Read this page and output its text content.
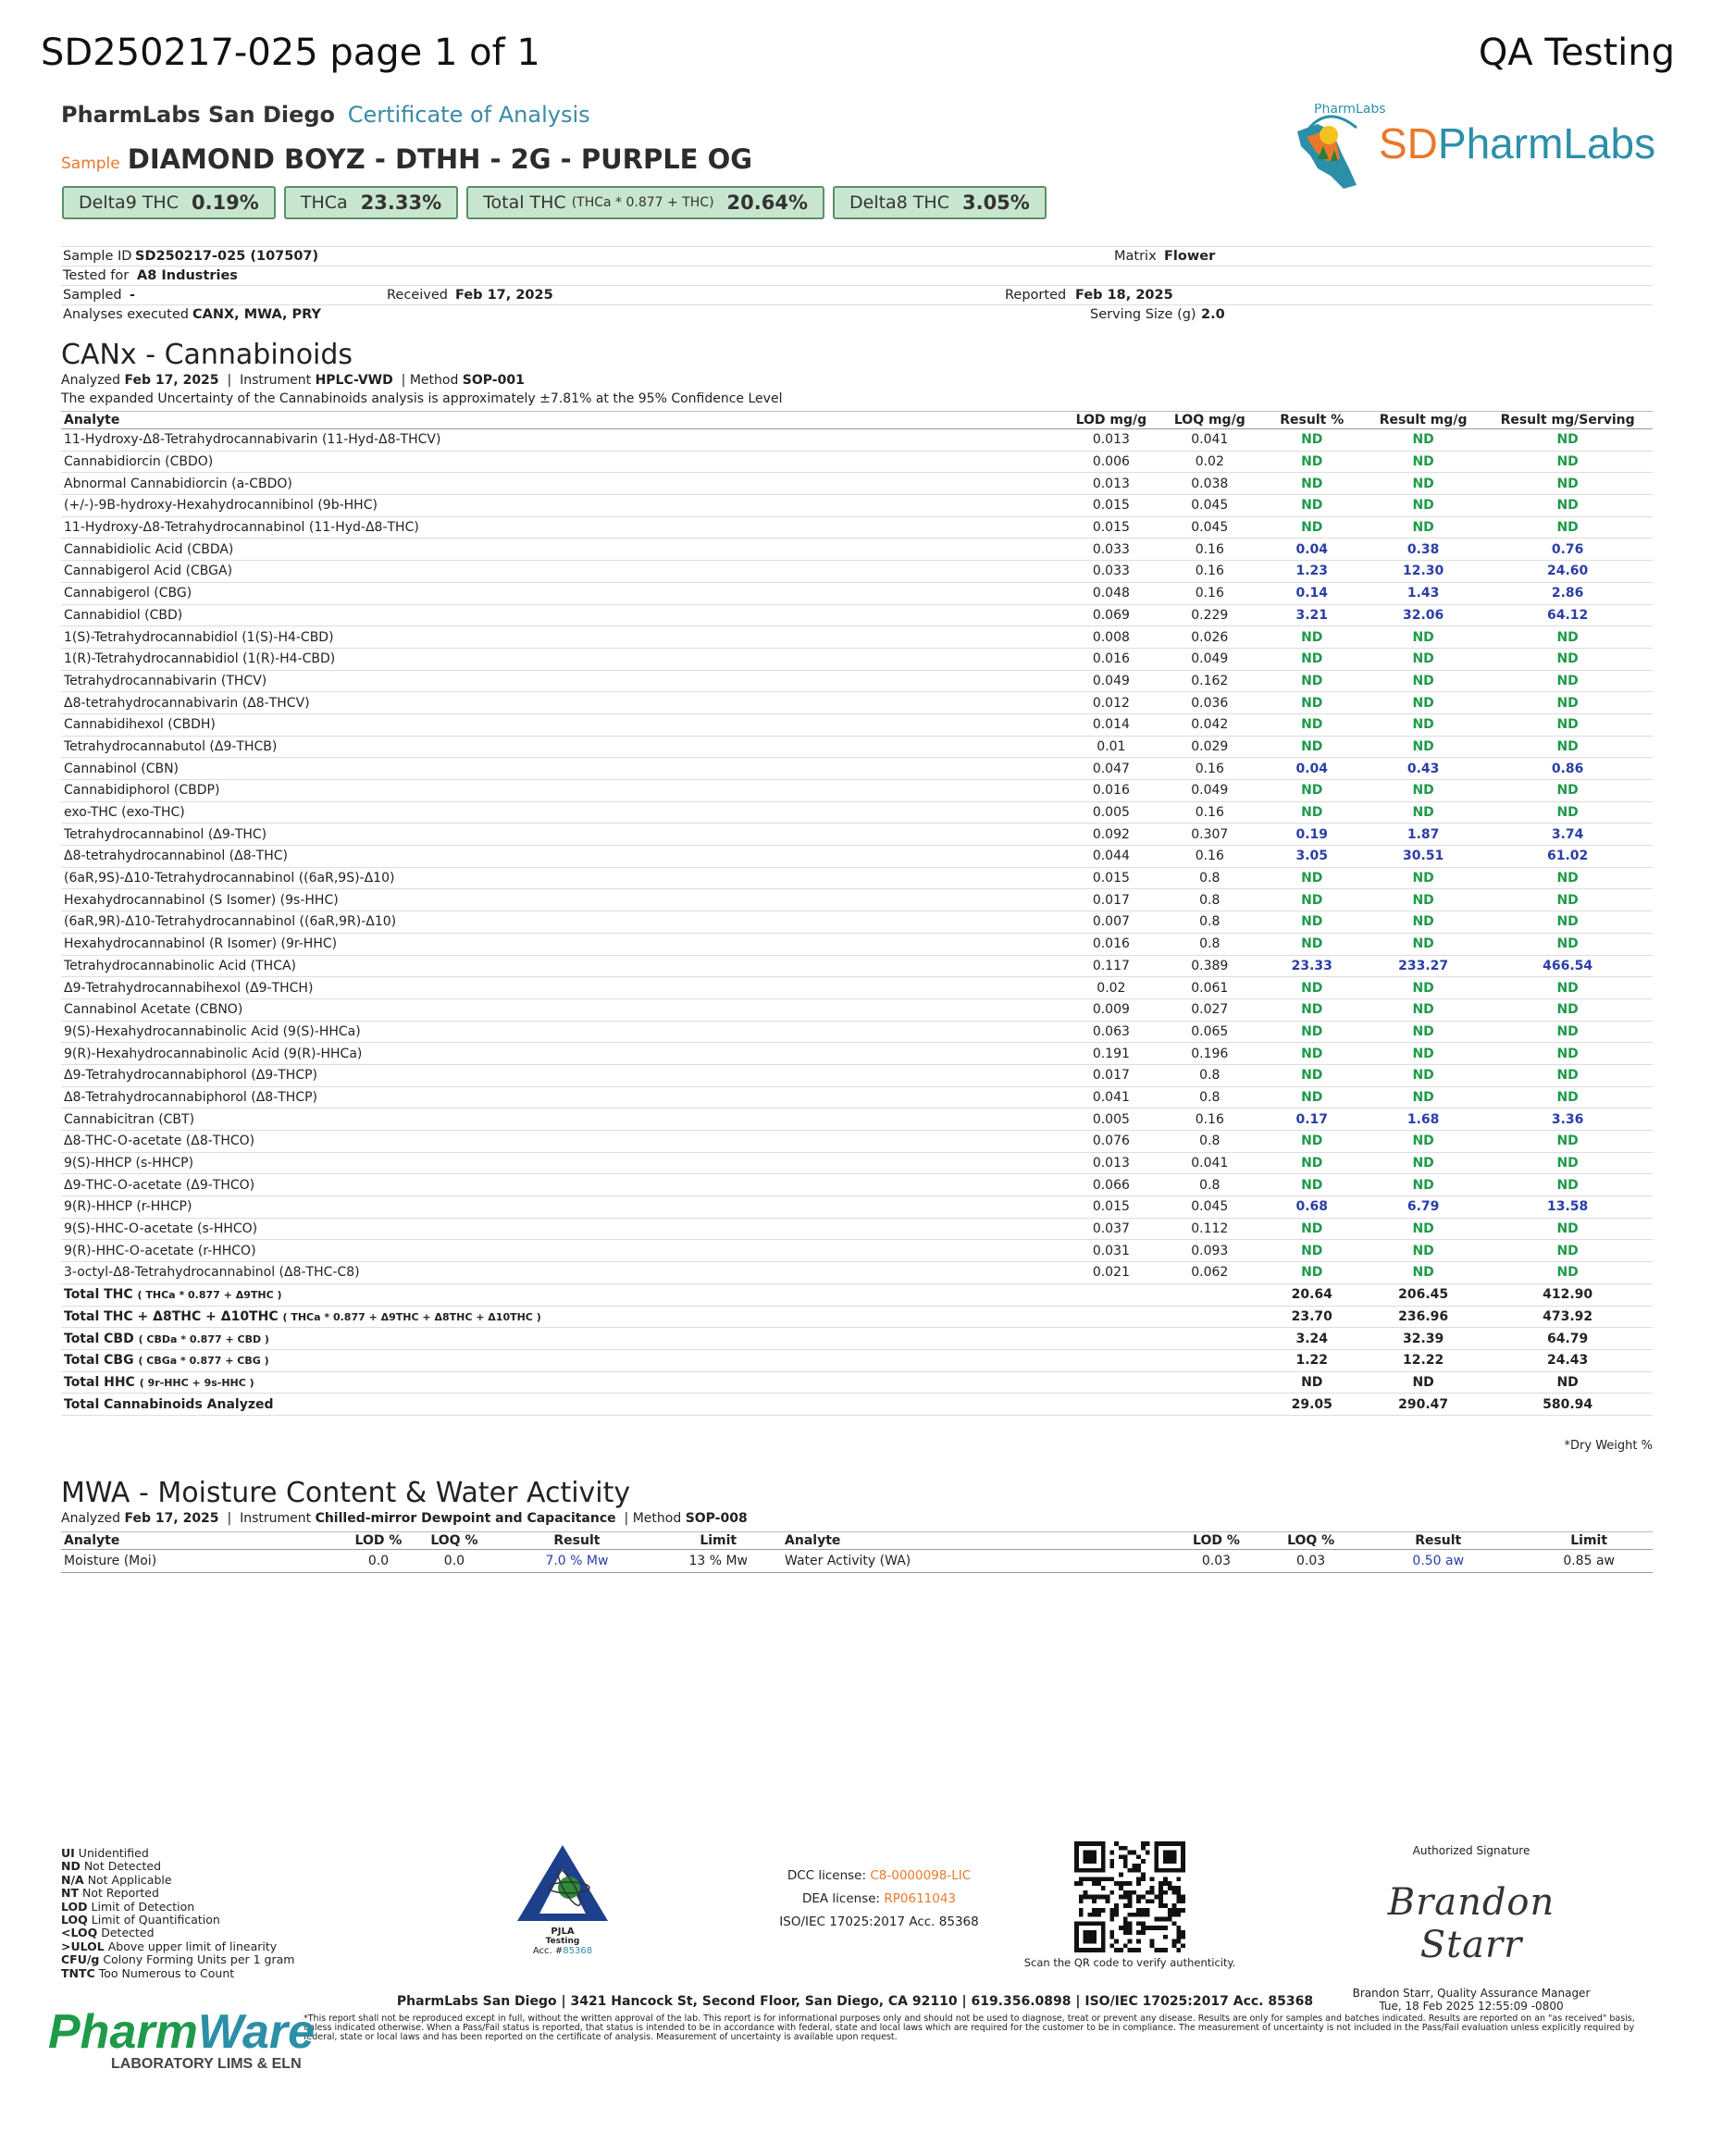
SD250217-025 page 1 of 1	QA Testing
PharmLabs San Diego Certificate of Analysis
Sample DIAMOND BOYZ - DTHH - 2G - PURPLE OG
Delta9 THC 0.19% THCa 23.33% Total THC (THCa * 0.877 + THC) 20.64% Delta8 THC 3.05%
PharmLabs
SDPharmLabs
Sample ID SD250217-025 (107507)	Matrix Flower
Tested for A8 Industries
Sampled -	Received Feb 17, 2025	Reported Feb 18, 2025
Analyses executed CANX, MWA, PRY	Serving Size (g) 2.0
CANx - Cannabinoids
Analyzed Feb 17, 2025  |  Instrument HPLC-VWD  | Method SOP-001
The expanded Uncertainty of the Cannabinoids analysis is approximately ±7.81% at the 95% Confidence Level
Analyte	LOD mg/g	LOQ mg/g	Result %	Result mg/g	Result mg/Serving
11-Hydroxy-Δ8-Tetrahydrocannabivarin (11-Hyd-Δ8-THCV)	0.013	0.041	ND	ND	ND
Cannabidiorcin (CBDO)	0.006	0.02	ND	ND	ND
Abnormal Cannabidiorcin (a-CBDO)	0.013	0.038	ND	ND	ND
(+/-)-9B-hydroxy-Hexahydrocannibinol (9b-HHC)	0.015	0.045	ND	ND	ND
11-Hydroxy-Δ8-Tetrahydrocannabinol (11-Hyd-Δ8-THC)	0.015	0.045	ND	ND	ND
Cannabidiolic Acid (CBDA)	0.033	0.16	0.04	0.38	0.76
Cannabigerol Acid (CBGA)	0.033	0.16	1.23	12.30	24.60
Cannabigerol (CBG)	0.048	0.16	0.14	1.43	2.86
Cannabidiol (CBD)	0.069	0.229	3.21	32.06	64.12
1(S)-Tetrahydrocannabidiol (1(S)-H4-CBD)	0.008	0.026	ND	ND	ND
1(R)-Tetrahydrocannabidiol (1(R)-H4-CBD)	0.016	0.049	ND	ND	ND
Tetrahydrocannabivarin (THCV)	0.049	0.162	ND	ND	ND
Δ8-tetrahydrocannabivarin (Δ8-THCV)	0.012	0.036	ND	ND	ND
Cannabidihexol (CBDH)	0.014	0.042	ND	ND	ND
Tetrahydrocannabutol (Δ9-THCB)	0.01	0.029	ND	ND	ND
Cannabinol (CBN)	0.047	0.16	0.04	0.43	0.86
Cannabidiphorol (CBDP)	0.016	0.049	ND	ND	ND
exo-THC (exo-THC)	0.005	0.16	ND	ND	ND
Tetrahydrocannabinol (Δ9-THC)	0.092	0.307	0.19	1.87	3.74
Δ8-tetrahydrocannabinol (Δ8-THC)	0.044	0.16	3.05	30.51	61.02
(6aR,9S)-Δ10-Tetrahydrocannabinol ((6aR,9S)-Δ10)	0.015	0.8	ND	ND	ND
Hexahydrocannabinol (S Isomer) (9s-HHC)	0.017	0.8	ND	ND	ND
(6aR,9R)-Δ10-Tetrahydrocannabinol ((6aR,9R)-Δ10)	0.007	0.8	ND	ND	ND
Hexahydrocannabinol (R Isomer) (9r-HHC)	0.016	0.8	ND	ND	ND
Tetrahydrocannabinolic Acid (THCA)	0.117	0.389	23.33	233.27	466.54
Δ9-Tetrahydrocannabihexol (Δ9-THCH)	0.02	0.061	ND	ND	ND
Cannabinol Acetate (CBNO)	0.009	0.027	ND	ND	ND
9(S)-Hexahydrocannabinolic Acid (9(S)-HHCa)	0.063	0.065	ND	ND	ND
9(R)-Hexahydrocannabinolic Acid (9(R)-HHCa)	0.191	0.196	ND	ND	ND
Δ9-Tetrahydrocannabiphorol (Δ9-THCP)	0.017	0.8	ND	ND	ND
Δ8-Tetrahydrocannabiphorol (Δ8-THCP)	0.041	0.8	ND	ND	ND
Cannabicitran (CBT)	0.005	0.16	0.17	1.68	3.36
Δ8-THC-O-acetate (Δ8-THCO)	0.076	0.8	ND	ND	ND
9(S)-HHCP (s-HHCP)	0.013	0.041	ND	ND	ND
Δ9-THC-O-acetate (Δ9-THCO)	0.066	0.8	ND	ND	ND
9(R)-HHCP (r-HHCP)	0.015	0.045	0.68	6.79	13.58
9(S)-HHC-O-acetate (s-HHCO)	0.037	0.112	ND	ND	ND
9(R)-HHC-O-acetate (r-HHCO)	0.031	0.093	ND	ND	ND
3-octyl-Δ8-Tetrahydrocannabinol (Δ8-THC-C8)	0.021	0.062	ND	ND	ND
Total THC ( THCa * 0.877 + Δ9THC )			20.64	206.45	412.90
Total THC + Δ8THC + Δ10THC ( THCa * 0.877 + Δ9THC + Δ8THC + Δ10THC )			23.70	236.96	473.92
Total CBD ( CBDa * 0.877 + CBD )			3.24	32.39	64.79
Total CBG ( CBGa * 0.877 + CBG )			1.22	12.22	24.43
Total HHC ( 9r-HHC + 9s-HHC )			ND	ND	ND
Total Cannabinoids Analyzed			29.05	290.47	580.94
*Dry Weight %
MWA - Moisture Content & Water Activity
Analyzed Feb 17, 2025  |  Instrument Chilled-mirror Dewpoint and Capacitance  | Method SOP-008
Analyte	LOD %	LOQ %	Result	Limit	Analyte	LOD %	LOQ %	Result	Limit
Moisture (Moi)	0.0	0.0	7.0 % Mw	13 % Mw	Water Activity (WA)	0.03	0.03	0.50 aw	0.85 aw
UI Unidentified
ND Not Detected
N/A Not Applicable
NT Not Reported
LOD Limit of Detection
LOQ Limit of Quantification
<LOQ Detected
>ULOL Above upper limit of linearity
CFU/g Colony Forming Units per 1 gram
TNTC Too Numerous to Count
PJLA
Testing
Acc. #85368
DCC license: C8-0000098-LIC
DEA license: RP0611043
ISO/IEC 17025:2017 Acc. 85368
Scan the QR code to verify authenticity.
Authorized Signature
Brandon Starr
Brandon Starr, Quality Assurance Manager
Tue, 18 Feb 2025 12:55:09 -0800
PharmLabs San Diego | 3421 Hancock St, Second Floor, San Diego, CA 92110 | 619.356.0898 | ISO/IEC 17025:2017 Acc. 85368
*This report shall not be reproduced except in full, without the written approval of the lab. This report is for informational purposes only and should not be used to diagnose, treat or prevent any disease. Results are only for samples and batches indicated. Results are reported on an "as received" basis, unless indicated otherwise. When a Pass/Fail status is reported, that status is intended to be in accordance with federal, state and local laws which are required for the customer to be in compliance. The measurement of uncertainty is not included in the Pass/Fail evaluation unless explicitly required by federal, state or local laws and has been reported on the certificate of analysis. Measurement of uncertainty is available upon request.
PharmWare
LABORATORY LIMS & ELN
